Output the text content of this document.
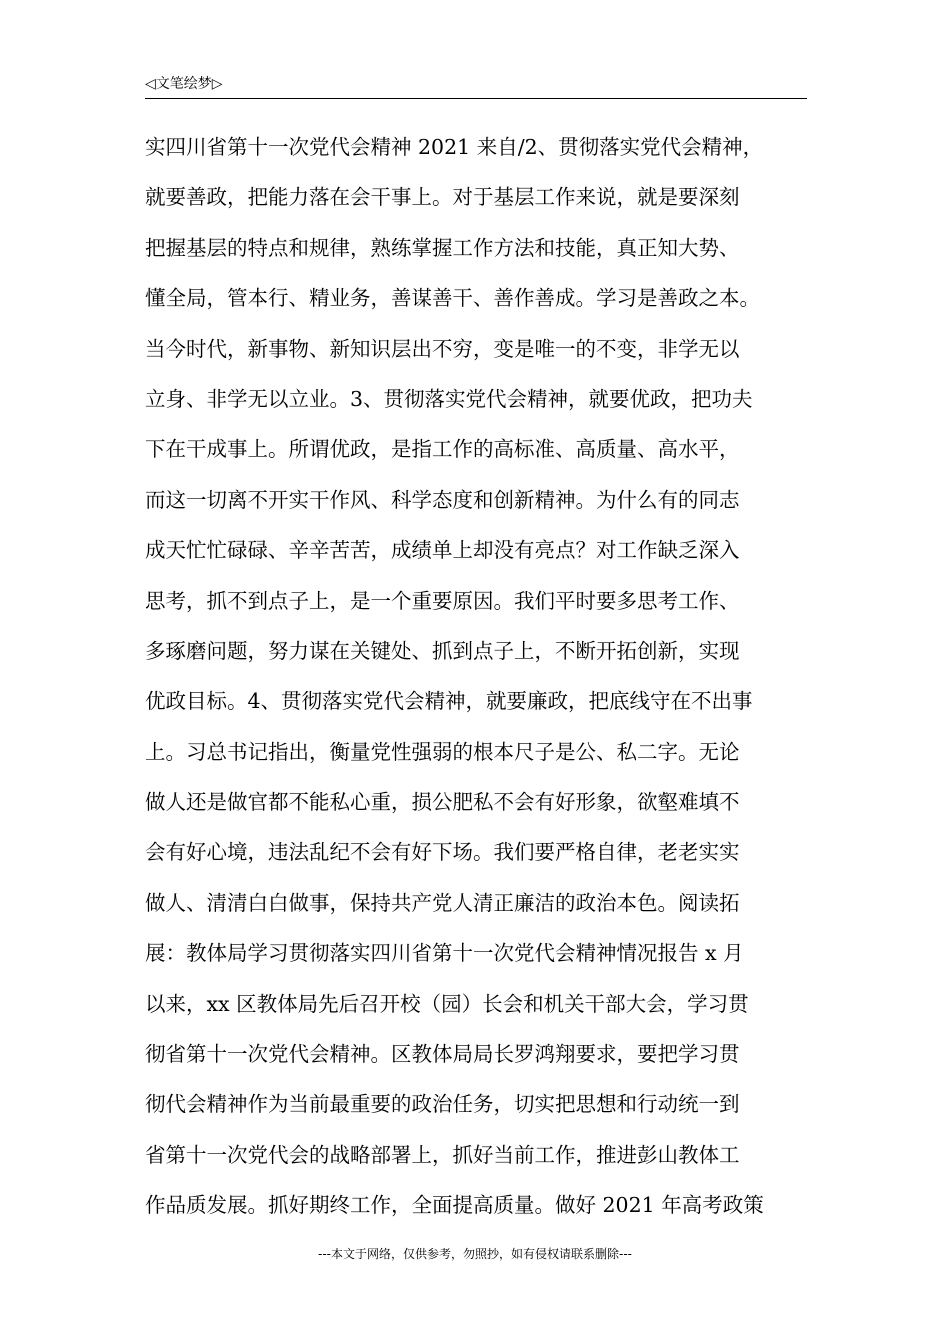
◁文笔绘梦▷
实四川省第十一次党代会精神 2021 来自/2、贯彻落实党代会精神，
就要善政，把能力落在会干事上。对于基层工作来说，就是要深刻
把握基层的特点和规律，熟练掌握工作方法和技能，真正知大势、
懂全局，管本行、精业务，善谋善干、善作善成。学习是善政之本。
当今时代，新事物、新知识层出不穷，变是唯一的不变，非学无以
立身、非学无以立业。3、贯彻落实党代会精神，就要优政，把功夫
下在干成事上。所谓优政，是指工作的高标准、高质量、高水平，
而这一切离不开实干作风、科学态度和创新精神。为什么有的同志
成天忙忙碌碌、辛辛苦苦，成绩单上却没有亮点？对工作缺乏深入
思考，抓不到点子上，是一个重要原因。我们平时要多思考工作、
多琢磨问题，努力谋在关键处、抓到点子上，不断开拓创新，实现
优政目标。4、贯彻落实党代会精神，就要廉政，把底线守在不出事
上。习总书记指出，衡量党性强弱的根本尺子是公、私二字。无论
做人还是做官都不能私心重，损公肥私不会有好形象，欲壑难填不
会有好心境，违法乱纪不会有好下场。我们要严格自律，老老实实
做人、清清白白做事，保持共产党人清正廉洁的政治本色。阅读拓
展：教体局学习贯彻落实四川省第十一次党代会精神情况报告 x 月
以来，xx 区教体局先后召开校（园）长会和机关干部大会，学习贯
彻省第十一次党代会精神。区教体局局长罗鸿翔要求，要把学习贯
彻代会精神作为当前最重要的政治任务，切实把思想和行动统一到
省第十一次党代会的战略部署上，抓好当前工作，推进彭山教体工
作品质发展。抓好期终工作，全面提高质量。做好 2021 年高考政策
---本文于网络，仅供参考，勿照抄，如有侵权请联系删除---
